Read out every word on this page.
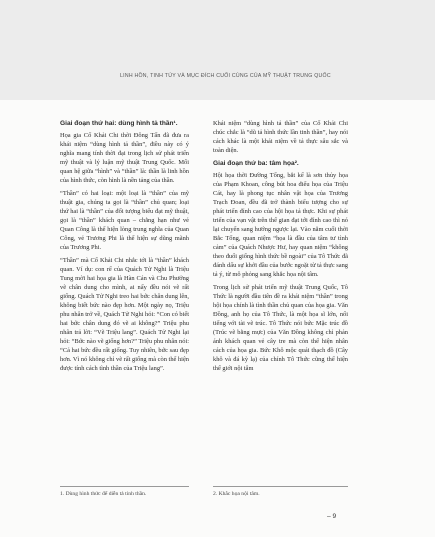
LINH HỒN, TINH TÚY VÀ MỤC ĐÍCH CUỐI CÙNG CỦA MỸ THUẬT TRUNG QUỐC
Giai đoạn thứ hai: dùng hình tả thần¹.

Họa gia Cố Khải Chi thời Đông Tấn đã đưa ra khái niệm “dùng hình tả thần”, điều này có ý nghĩa mang tính thời đại trong lịch sử phát triển mỹ thuật và lý luận mỹ thuật Trung Quốc. Mối quan hệ giữa “hình” và “thần” là: thần là linh hồn của hình thức, còn hình là nền tảng của thần.

“Thần” có hai loại: một loại là “thần” của mỹ thuật gia, chúng ta gọi là “thần” chủ quan; loại thứ hai là “thần” của đối tượng biểu đạt mỹ thuật, gọi là “thần” khách quan – chẳng hạn như vẻ Quan Công là thể hiện lòng trung nghĩa của Quan Công, vẻ Trương Phi là thể hiện sự dũng mãnh của Trương Phi.

“Thần” mà Cố Khải Chi nhắc tới là “thần” khách quan. Ví dụ: con rể của Quách Tử Nghi là Triệu Tung mời hai họa gia là Hàn Cán và Chu Phưởng vẽ chân dung cho mình, ai nấy đều nói vẽ rất giống. Quách Tử Nghi treo hai bức chân dung lên, không biết bức nào đẹp hơn. Một ngày nọ, Triệu phu nhân trở về, Quách Tử Nghi hỏi: “Con có biết hai bức chân dung đó vẽ ai không?” Triệu phu nhân trả lời: “Vẽ Triệu lang”. Quách Tử Nghi lại hỏi: “Bức nào vẽ giống hơn?” Triệu phu nhân nói: “Cả hai bức đều rất giống. Tuy nhiên, bức sau đẹp hơn. Vì nó không chỉ vẽ rất giống mà còn thể hiện được tính cách tình thần của Triệu lang”.

Khái niệm “dùng hình tả thần” của Cố Khải Chi chúc chắc là “dũ tả hình thức lần tinh thần”, hay nói cách khác là một khái niệm về tả thực sâu sắc và toàn diện.

Giai đoạn thứ ba: tâm họa².

Hội họa thời Đường Tống, bắt kể là sơn thủy họa của Phạm Khoan, công bút hoa điểu họa của Triệu Cát, hay là phong tục nhân vật họa của Trương Trạch Đoan, đều đã trở thành biểu tượng cho sự phát triển đỉnh cao của hội họa tả thực. Khi sự phát triển của vạn vật trên thế gian đạt tới đỉnh cao thì nó lại chuyển sang hướng ngược lại. Vào năm cuối thời Bắc Tống, quan niệm “họa là đầu của tâm tư tình cảm” của Quách Nhược Hư, hay quan niệm “không theo đuổi giống hình thức bề ngoài” của Tô Thức đã đánh dấu sự khởi đầu của bước ngoặt từ tả thực sang tả ý, từ mô phỏng sang khắc họa nội tâm.

Trong lịch sử phát triển mỹ thuật Trung Quốc, Tô Thức là người đầu tiên đề ra khái niệm “thần” trong hội họa chính là tình thần chủ quan của họa gia. Văn Đồng, anh họ của Tô Thức, là một họa sĩ lớn, nổi tiếng với tài vẽ trúc. Tô Thức nói bức Mặc trúc đồ (Trúc vẽ bằng mực) của Văn Đồng không chỉ phản ánh khách quan vẻ cây tre mà còn thể hiện nhân cách của họa gia. Bức Khô mộc quái thạch đồ (Cây khô và đá kỳ lạ) của chính Tô Thức cũng thể hiện thế giới nội tâm

1. Dùng hình thức để diễn tả tinh thần.	2. Khắc họa nội tâm.
– 9
